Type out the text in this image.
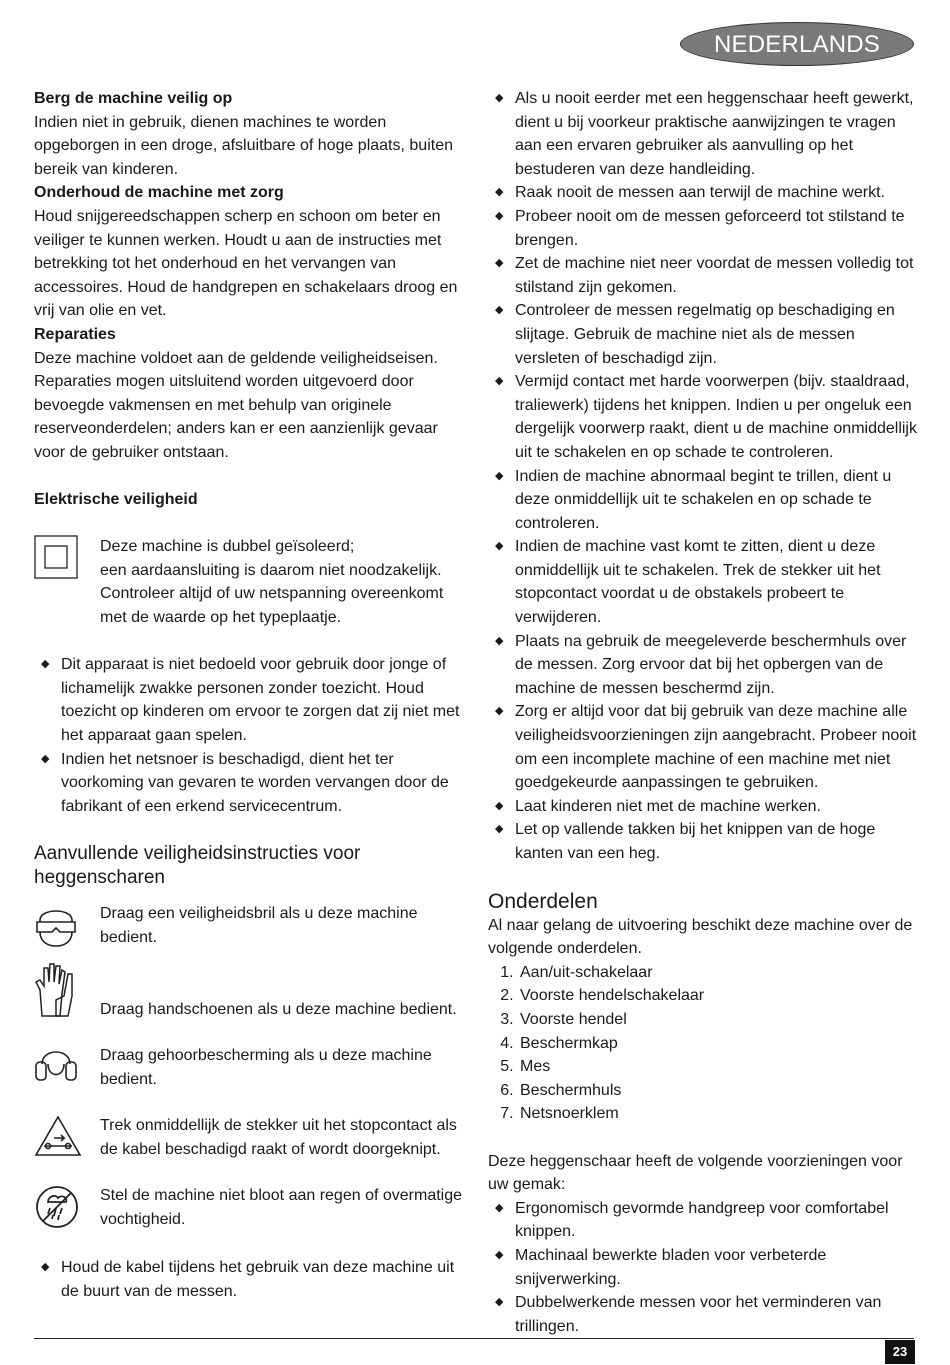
NEDERLANDS

Berg de machine veilig op

Indien niet in gebruik, dienen machines te worden opgeborgen in een droge, afsluitbare of hoge plaats, buiten bereik van kinderen.

Onderhoud de machine met zorg

Houd snijgereedschappen scherp en schoon om beter en veiliger te kunnen werken. Houdt u aan de instructies met betrekking tot het onderhoud en het vervangen van accessoires. Houd de handgrepen en schakelaars droog en vrij van olie en vet.

Reparaties

Deze machine voldoet aan de geldende veiligheidseisen. Reparaties mogen uitsluitend worden uitgevoerd door bevoegde vakmensen en met behulp van originele reserveonderdelen; anders kan er een aanzienlijk gevaar voor de gebruiker ontstaan.

Elektrische veiligheid

Deze machine is dubbel geïsoleerd;
een aardaansluiting is daarom niet noodzakelijk. Controleer altijd of uw netspanning overeenkomt met de waarde op het typeplaatje.

◆ Dit apparaat is niet bedoeld voor gebruik door jonge of lichamelijk zwakke personen zonder toezicht. Houd toezicht op kinderen om ervoor te zorgen dat zij niet met het apparaat gaan spelen.
◆ Indien het netsnoer is beschadigd, dient het ter voorkoming van gevaren te worden vervangen door de fabrikant of een erkend servicecentrum.

Aanvullende veiligheidsinstructies voor heggenscharen

Draag een veiligheidsbril als u deze machine bedient.

Draag handschoenen als u deze machine bedient.

Draag gehoorbescherming als u deze machine bedient.

Trek onmiddellijk de stekker uit het stopcontact als de kabel beschadigd raakt of wordt doorgeknipt.

Stel de machine niet bloot aan regen of overmatige vochtigheid.

◆ Houd de kabel tijdens het gebruik van deze machine uit de buurt van de messen.
◆ Als u nooit eerder met een heggenschaar heeft gewerkt, dient u bij voorkeur praktische aanwijzingen te vragen aan een ervaren gebruiker als aanvulling op het bestuderen van deze handleiding.
◆ Raak nooit de messen aan terwijl de machine werkt.
◆ Probeer nooit om de messen geforceerd tot stilstand te brengen.
◆ Zet de machine niet neer voordat de messen volledig tot stilstand zijn gekomen.
◆ Controleer de messen regelmatig op beschadiging en slijtage. Gebruik de machine niet als de messen versleten of beschadigd zijn.
◆ Vermijd contact met harde voorwerpen (bijv. staaldraad, traliewerk) tijdens het knippen. Indien u per ongeluk een dergelijk voorwerp raakt, dient u de machine onmiddellijk uit te schakelen en op schade te controleren.
◆ Indien de machine abnormaal begint te trillen, dient u deze onmiddellijk uit te schakelen en op schade te controleren.
◆ Indien de machine vast komt te zitten, dient u deze onmiddellijk uit te schakelen. Trek de stekker uit het stopcontact voordat u de obstakels probeert te verwijderen.
◆ Plaats na gebruik de meegeleverde beschermhuls over de messen. Zorg ervoor dat bij het opbergen van de machine de messen beschermd zijn.
◆ Zorg er altijd voor dat bij gebruik van deze machine alle veiligheidsvoorzieningen zijn aangebracht. Probeer nooit om een incomplete machine of een machine met niet goedgekeurde aanpassingen te gebruiken.
◆ Laat kinderen niet met de machine werken.
◆ Let op vallende takken bij het knippen van de hoge kanten van een heg.

Onderdelen

Al naar gelang de uitvoering beschikt deze machine over de volgende onderdelen.

1. Aan/uit-schakelaar
2. Voorste hendelschakelaar
3. Voorste hendel
4. Beschermkap
5. Mes
6. Beschermhuls
7. Netsnoerklem

Deze heggenschaar heeft de volgende voorzieningen voor uw gemak:

◆ Ergonomisch gevormde handgreep voor comfortabel knippen.
◆ Machinaal bewerkte bladen voor verbeterde snijverwerking.
◆ Dubbelwerkende messen voor het verminderen van trillingen.
23
